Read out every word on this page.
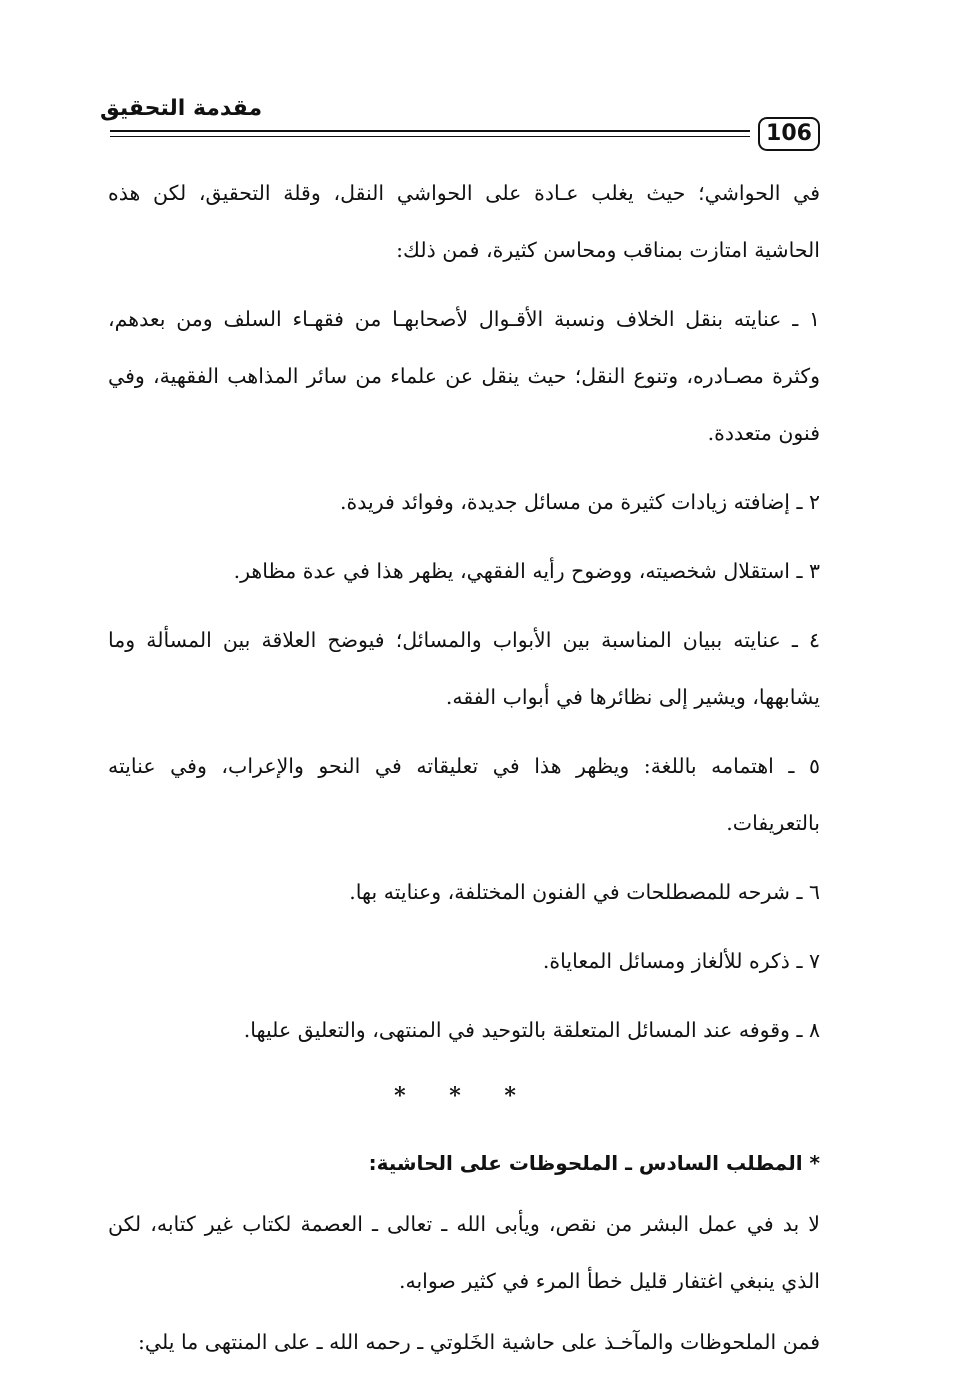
مقدمة التحقيق
106

في الحواشي؛ حيث يغلب عـادة على الحواشي النقل، وقلة التحقيق، لكن هذه الحاشية امتازت بمناقب ومحاسن كثيرة، فمن ذلك:

١ ـ عنايته بنقل الخلاف ونسبة الأقـوال لأصحابهـا من فقهـاء السلف ومن بعدهم، وكثرة مصـادره، وتنوع النقل؛ حيث ينقل عن علماء من سائر المذاهب الفقهية، وفي فنون متعددة.

٢ ـ إضافته زيادات كثيرة من مسائل جديدة، وفوائد فريدة.

٣ ـ استقلال شخصيته، ووضوح رأيه الفقهي، يظهر هذا في عدة مظاهر.

٤ ـ عنايته ببيان المناسبة بين الأبواب والمسائل؛ فيوضح العلاقة بين المسألة وما يشابهها، ويشير إلى نظائرها في أبواب الفقه.

٥ ـ اهتمامه باللغة: ويظهر هذا في تعليقاته في النحو والإعراب، وفي عنايته بالتعريفات.

٦ ـ شرحه للمصطلحات في الفنون المختلفة، وعنايته بها.

٧ ـ ذكره للألغاز ومسائل المعاياة.

٨ ـ وقوفه عند المسائل المتعلقة بالتوحيد في المنتهى، والتعليق عليها.

* * *

* المطلب السادس ـ الملحوظات على الحاشية:

لا بد في عمل البشر من نقص، ويأبى الله ـ تعالى ـ العصمة لكتاب غير كتابه، لكن الذي ينبغي اغتفار قليل خطأ المرء في كثير صوابه.

فمن الملحوظات والمآخـذ على حاشية الخَلوتي ـ رحمه الله ـ على المنتهى ما يلي:
